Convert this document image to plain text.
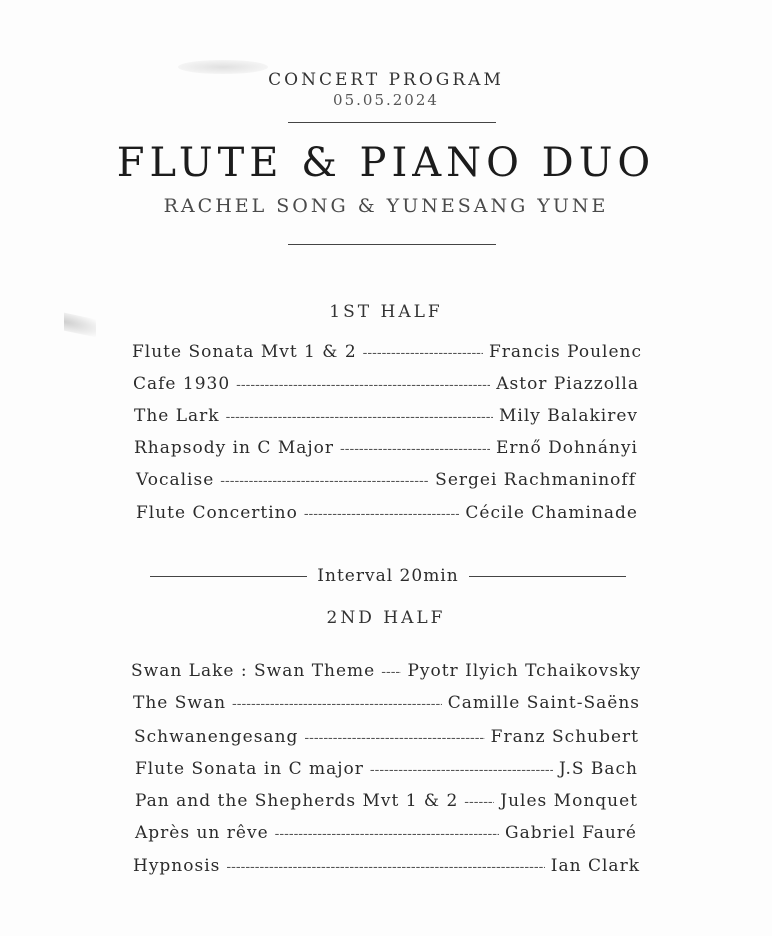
CONCERT PROGRAM
05.05.2024
FLUTE & PIANO DUO
RACHEL SONG & YUNESANG YUNE
1ST HALF
Flute Sonata Mvt 1 & 2 -----	Francis Poulenc
Cafe 1930 -----	Astor Piazzolla
The Lark -----	Mily Balakirev
Rhapsody in C Major -----	Ernő Dohnányi
Vocalise -----	Sergei Rachmaninoff
Flute Concertino -----	Cécile Chaminade
Interval 20min
2ND HALF
Swan Lake : Swan Theme ----- Pyotr Ilyich Tchaikovsky
The Swan -----	Camille Saint-Saëns
Schwanengesang -----	Franz Schubert
Flute Sonata in C major -----	J.S Bach
Pan and the Shepherds Mvt 1 & 2 ----- Jules Monquet
Après un rêve -----	Gabriel Fauré
Hypnosis -----	Ian Clark
